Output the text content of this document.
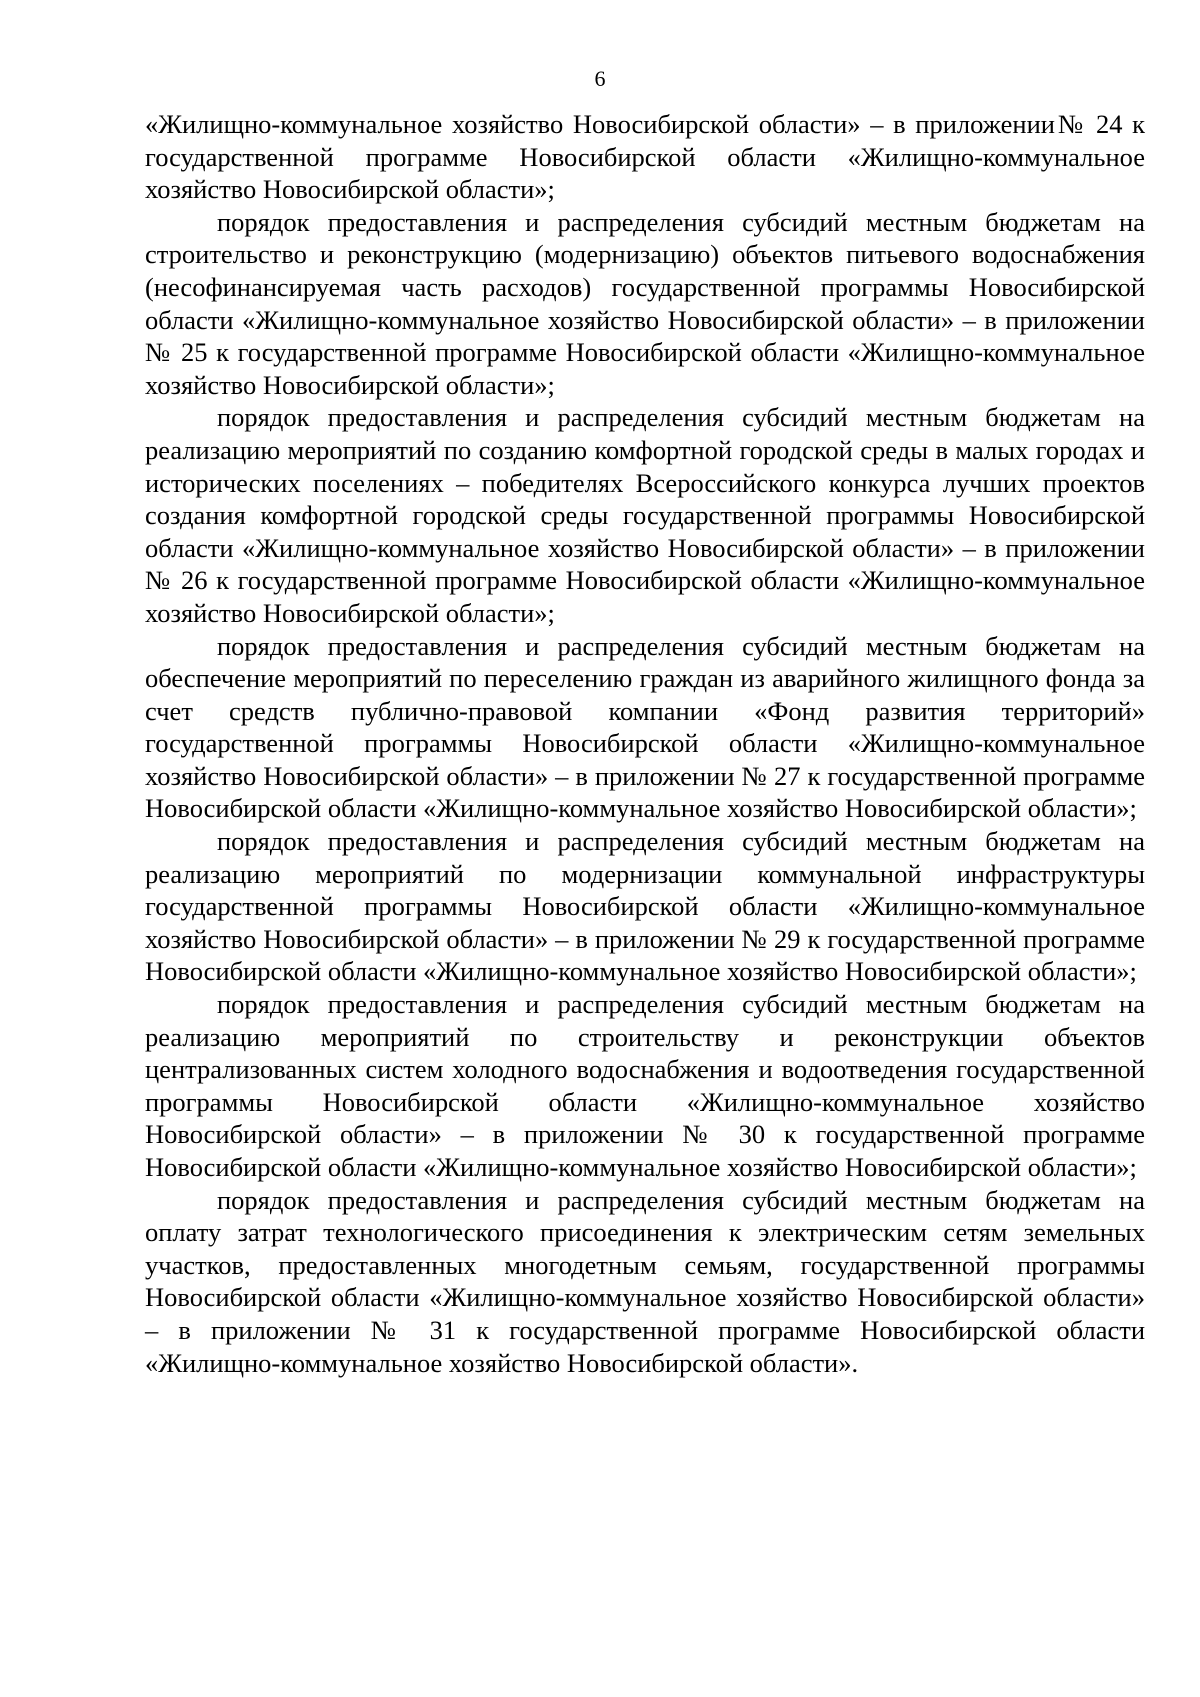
6

«Жилищно-коммунальное хозяйство Новосибирской области» – в приложении№ 24 к государственной программе Новосибирской области «Жилищно-коммунальное хозяйство Новосибирской области»;

порядок предоставления и распределения субсидий местным бюджетам на строительство и реконструкцию (модернизацию) объектов питьевого водоснабжения (несофинансируемая часть расходов) государственной программы Новосибирской области «Жилищно-коммунальное хозяйство Новосибирской области» – в приложении № 25 к государственной программе Новосибирской области «Жилищно-коммунальное хозяйство Новосибирской области»;

порядок предоставления и распределения субсидий местным бюджетам на реализацию мероприятий по созданию комфортной городской среды в малых городах и исторических поселениях – победителях Всероссийского конкурса лучших проектов создания комфортной городской среды государственной программы Новосибирской области «Жилищно-коммунальное хозяйство Новосибирской области» – в приложении № 26 к государственной программе Новосибирской области «Жилищно-коммунальное хозяйство Новосибирской области»;

порядок предоставления и распределения субсидий местным бюджетам на обеспечение мероприятий по переселению граждан из аварийного жилищного фонда за счет средств публично-правовой компании «Фонд развития территорий» государственной программы Новосибирской области «Жилищно-коммунальное хозяйство Новосибирской области» – в приложении № 27 к государственной программе Новосибирской области «Жилищно-коммунальное хозяйство Новосибирской области»;

порядок предоставления и распределения субсидий местным бюджетам на реализацию мероприятий по модернизации коммунальной инфраструктуры государственной программы Новосибирской области «Жилищно-коммунальное хозяйство Новосибирской области» – в приложении № 29 к государственной программе Новосибирской области «Жилищно-коммунальное хозяйство Новосибирской области»;

порядок предоставления и распределения субсидий местным бюджетам на реализацию мероприятий по строительству и реконструкции объектов централизованных систем холодного водоснабжения и водоотведения государственной программы Новосибирской области «Жилищно-коммунальное хозяйство Новосибирской области» – в приложении № 30 к государственной программе Новосибирской области «Жилищно-коммунальное хозяйство Новосибирской области»;

порядок предоставления и распределения субсидий местным бюджетам на оплату затрат технологического присоединения к электрическим сетям земельных участков, предоставленных многодетным семьям, государственной программы Новосибирской области «Жилищно-коммунальное хозяйство Новосибирской области» – в приложении № 31 к государственной программе Новосибирской области «Жилищно-коммунальное хозяйство Новосибирской области».
